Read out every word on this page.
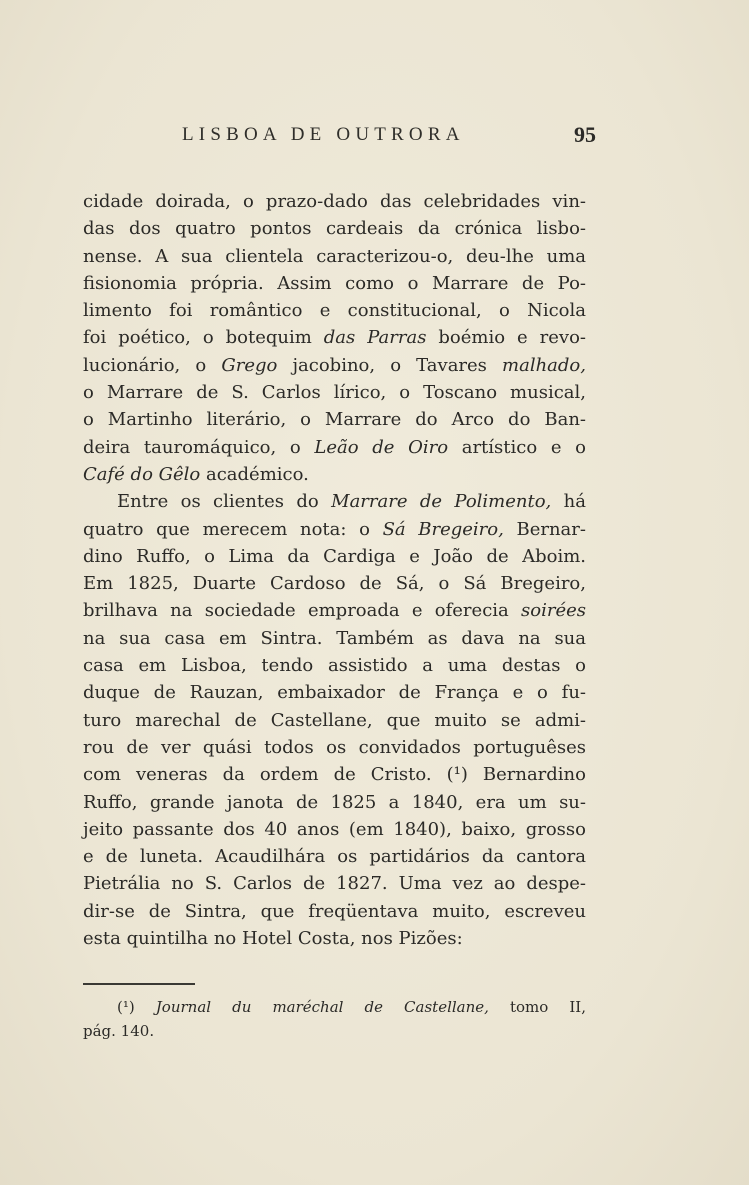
LISBOA DE OUTRORA	95
cidade doirada, o prazo-dado das celebridades vin-
das dos quatro pontos cardeais da crónica lisbo-
nense. A sua clientela caracterizou-o, deu-lhe uma
fisionomia própria. Assim como o Marrare de Po-
limento foi romântico e constitucional, o Nicola
foi poético, o botequim das Parras boémio e revo-
lucionário, o Grego jacobino, o Tavares malhado,
o Marrare de S. Carlos lírico, o Toscano musical,
o Martinho literário, o Marrare do Arco do Ban-
deira tauromáquico, o Leão de Oiro artístico e o
Café do Gêlo académico.
Entre os clientes do Marrare de Polimento, há
quatro que merecem nota: o Sá Bregeiro, Bernar-
dino Ruffo, o Lima da Cardiga e João de Aboim.
Em 1825, Duarte Cardoso de Sá, o Sá Bregeiro,
brilhava na sociedade emproada e oferecia soirées
na sua casa em Sintra. Também as dava na sua
casa em Lisboa, tendo assistido a uma destas o
duque de Rauzan, embaixador de França e o fu-
turo marechal de Castellane, que muito se admi-
rou de ver quási todos os convidados portuguêses
com veneras da ordem de Cristo. (¹) Bernardino
Ruffo, grande janota de 1825 a 1840, era um su-
jeito passante dos 40 anos (em 1840), baixo, grosso
e de luneta. Acaudilhára os partidários da cantora
Pietrália no S. Carlos de 1827. Uma vez ao despe-
dir-se de Sintra, que freqüentava muito, escreveu
esta quintilha no Hotel Costa, nos Pizões:
(¹) Journal du maréchal de Castellane, tomo II,
pág. 140.
